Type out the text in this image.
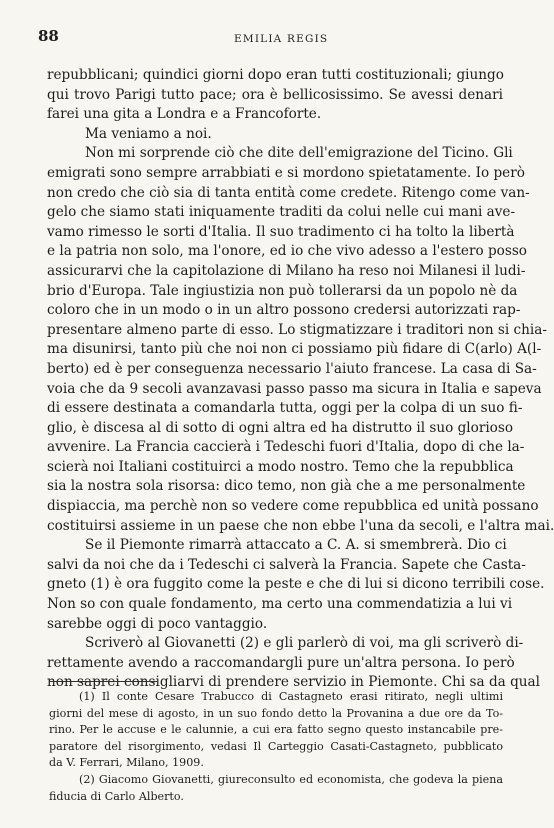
88	EMILIA REGIS
repubblicani; quindici giorni dopo eran tutti costituzionali; giungo
qui trovo Parigi tutto pace; ora è bellicosissimo. Se avessi denari
farei una gita a Londra e a Francoforte.
Ma veniamo a noi.
Non mi sorprende ciò che dite dell'emigrazione del Ticino. Gli
emigrati sono sempre arrabbiati e si mordono spietatamente. Io però
non credo che ciò sia di tanta entità come credete. Ritengo come van-
gelo che siamo stati iniquamente traditi da colui nelle cui mani ave-
vamo rimesso le sorti d'Italia. Il suo tradimento ci ha tolto la libertà
e la patria non solo, ma l'onore, ed io che vivo adesso a l'estero posso
assicurarvi che la capitolazione di Milano ha reso noi Milanesi il ludi-
brio d'Europa. Tale ingiustizia non può tollerarsi da un popolo nè da
coloro che in un modo o in un altro possono credersi autorizzati rap-
presentare almeno parte di esso. Lo stigmatizzare i traditori non si chia-
ma disunirsi, tanto più che noi non ci possiamo più fidare di C(arlo) A(l-
berto) ed è per conseguenza necessario l'aiuto francese. La casa di Sa-
voia che da 9 secoli avanzavasi passo passo ma sicura in Italia e sapeva
di essere destinata a comandarla tutta, oggi per la colpa di un suo fi-
glio, è discesa al di sotto di ogni altra ed ha distrutto il suo glorioso
avvenire. La Francia caccierà i Tedeschi fuori d'Italia, dopo di che la-
scierà noi Italiani costituirci a modo nostro. Temo che la repubblica
sia la nostra sola risorsa: dico temo, non già che a me personalmente
dispiaccia, ma perchè non so vedere come repubblica ed unità possano
costituirsi assieme in un paese che non ebbe l'una da secoli, e l'altra mai.
Se il Piemonte rimarrà attaccato a C. A. si smembrerà. Dio ci
salvi da noi che da i Tedeschi ci salverà la Francia. Sapete che Casta-
gneto (1) è ora fuggito come la peste e che di lui si dicono terribili cose.
Non so con quale fondamento, ma certo una commendatizia a lui vi
sarebbe oggi di poco vantaggio.
Scriverò al Giovanetti (2) e gli parlerò di voi, ma gli scriverò di-
rettamente avendo a raccomandargli pure un'altra persona. Io però
non saprei consigliarvi di prendere servizio in Piemonte. Chi sa da qual
(1) Il conte Cesare Trabucco di Castagneto erasi ritirato, negli ultimi
giorni del mese di agosto, in un suo fondo detto la Provanina a due ore da To-
rino. Per le accuse e le calunnie, a cui era fatto segno questo instancabile pre-
paratore del risorgimento, vedasi Il Carteggio Casati-Castagneto, pubblicato
da V. Ferrari, Milano, 1909.
(2) Giacomo Giovanetti, giureconsulto ed economista, che godeva la piena
fiducia di Carlo Alberto.
